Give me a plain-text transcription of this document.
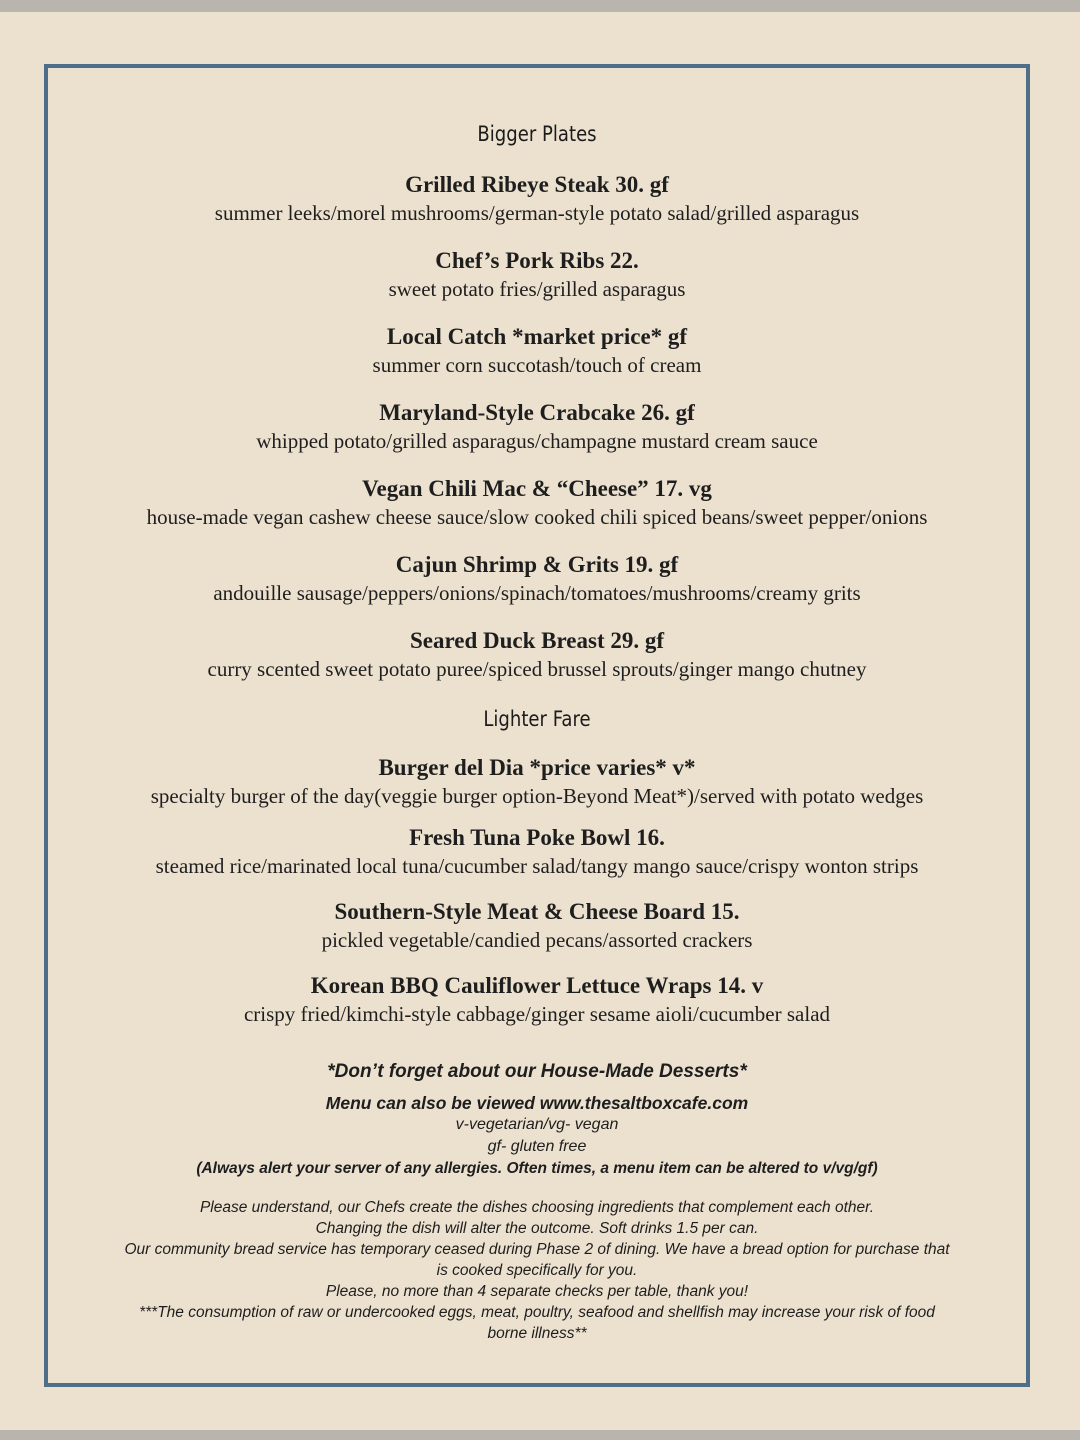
Bigger Plates
Grilled Ribeye Steak 30. gf
summer leeks/morel mushrooms/german-style potato salad/grilled asparagus
Chef’s Pork Ribs 22.
sweet potato fries/grilled asparagus
Local Catch *market price* gf
summer corn succotash/touch of cream
Maryland-Style Crabcake 26. gf
whipped potato/grilled asparagus/champagne mustard cream sauce
Vegan Chili Mac & “Cheese” 17. vg
house-made vegan cashew cheese sauce/slow cooked chili spiced beans/sweet pepper/onions
Cajun Shrimp & Grits 19. gf
andouille sausage/peppers/onions/spinach/tomatoes/mushrooms/creamy grits
Seared Duck Breast 29. gf
curry scented sweet potato puree/spiced brussel sprouts/ginger mango chutney
Lighter Fare
Burger del Dia *price varies* v*
specialty burger of the day(veggie burger option-Beyond Meat*)/served with potato wedges
Fresh Tuna Poke Bowl 16.
steamed rice/marinated local tuna/cucumber salad/tangy mango sauce/crispy wonton strips
Southern-Style Meat & Cheese Board 15.
pickled vegetable/candied pecans/assorted crackers
Korean BBQ Cauliflower Lettuce Wraps 14. v
crispy fried/kimchi-style cabbage/ginger sesame aioli/cucumber salad
*Don’t forget about our House-Made Desserts*
Menu can also be viewed www.thesaltboxcafe.com
v-vegetarian/vg- vegan
gf- gluten free
(Always alert your server of any allergies. Often times, a menu item can be altered to v/vg/gf)
Please understand, our Chefs create the dishes choosing ingredients that complement each other.
Changing the dish will alter the outcome. Soft drinks 1.5 per can.
Our community bread service has temporary ceased during Phase 2 of dining. We have a bread option for purchase that
is cooked specifically for you.
Please, no more than 4 separate checks per table, thank you!
***The consumption of raw or undercooked eggs, meat, poultry, seafood and shellfish may increase your risk of food
borne illness**
